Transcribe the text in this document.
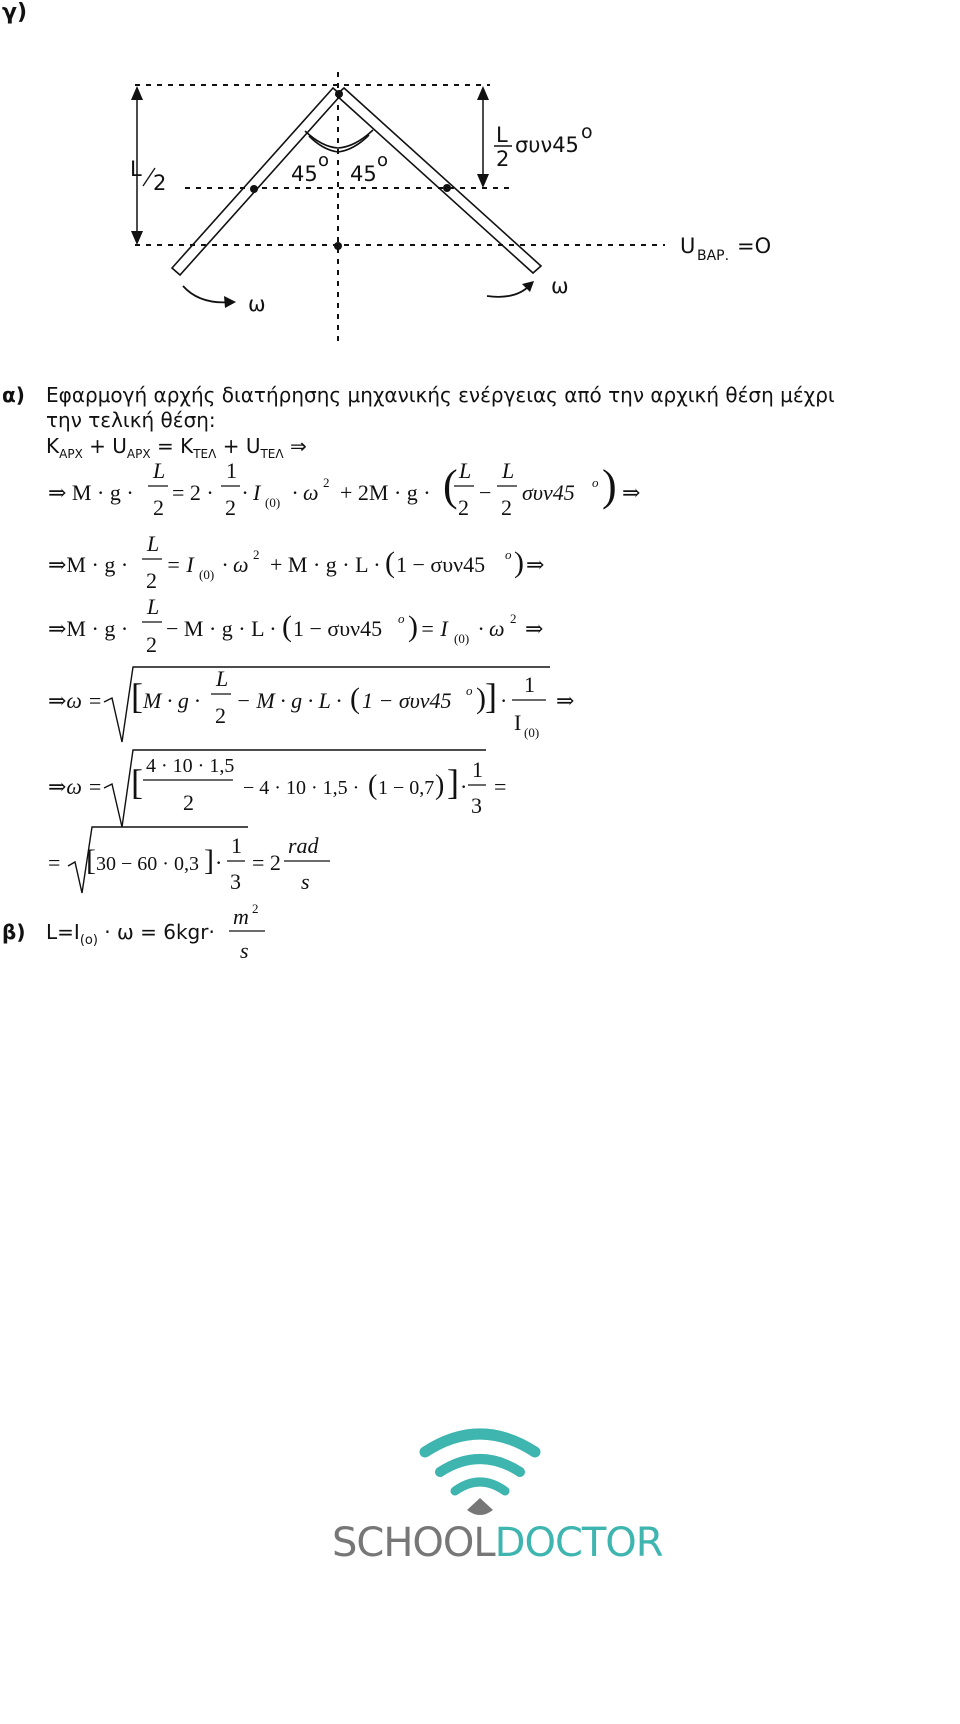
γ)
L
2	45
o
45
o
L
2
συν45
o
U ΒΑΡ. =O
ω
ω
α) Εφαρμογή αρχής διατήρησης μηχανικής ενέργειας από την αρχική θέση μέχρι
την τελική θέση:
$K_{APX} + U_{APX} = K_{TE\Lambda} + U_{TE\Lambda}$ ⇒
⇒ M · g ·
L
2
= 2 ·
1
2
· I (0) · ω 2 + 2M · g · ( L
2
−
L
2
συν45 o ) ⇒
⇒M · g ·
L
2
= I (0) · ω 2 + M · g · L · ( 1 − συν45 o ) ⇒
⇒M · g ·
L
2
− M · g · L · ( 1 − συν45 o ) = I (0) · ω 2 ⇒
⇒ω = [ M · g ·
L
2
− M · g · L · ( 1 − συν45 o ) ] ·
1
I (0)
⇒
⇒ω = [ 4 · 10 · 1,5
2
− 4 · 10 · 1,5 · ( 1 − 0,7 ) ] ·
1
3
=
= [ 30 − 60 · 0,3 ] ·
1
3
= 2
rad
s
β) $L=I_{(o)} \cdot \omega = 6kgr\cdot$
m 2
s
SCHOOLDOCTOR
